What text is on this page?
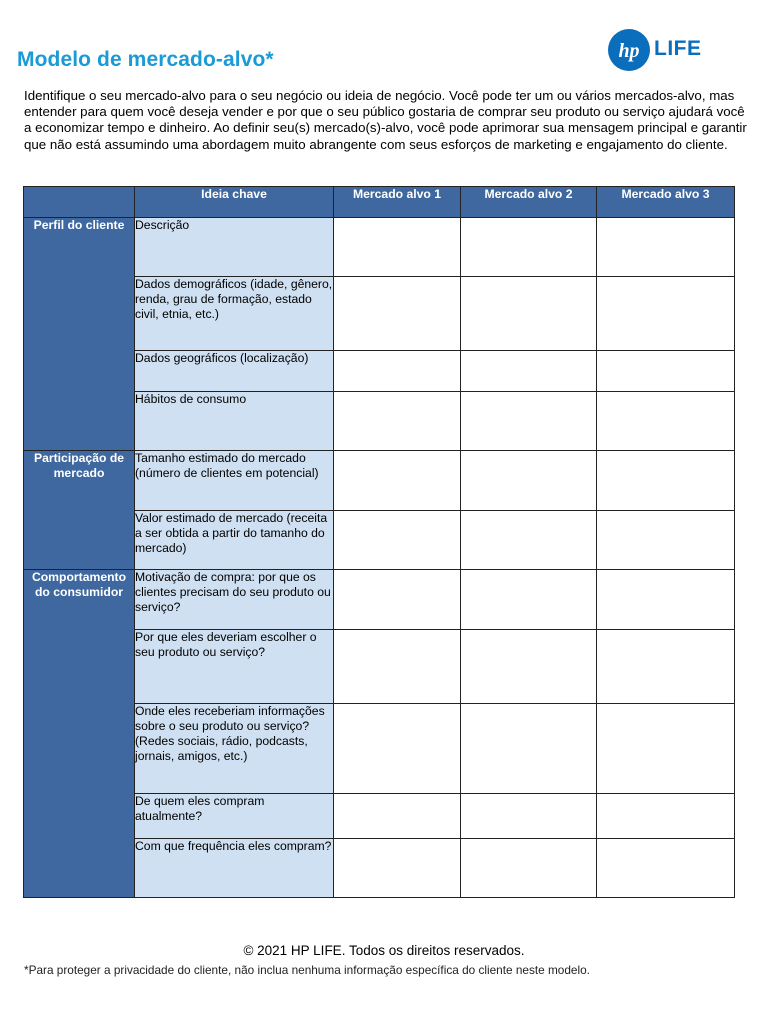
Modelo de mercado-alvo*	hp LIFE
Identifique o seu mercado-alvo para o seu negócio ou ideia de negócio. Você pode ter um ou vários mercados-alvo, mas entender para quem você deseja vender e por que o seu público gostaria de comprar seu produto ou serviço ajudará você a economizar tempo e dinheiro. Ao definir seu(s) mercado(s)-alvo, você pode aprimorar sua mensagem principal e garantir que não está assumindo uma abordagem muito abrangente com seus esforços de marketing e engajamento do cliente.
	Ideia chave	Mercado alvo 1	Mercado alvo 2	Mercado alvo 3
Perfil do cliente	Descrição			
	Dados demográficos (idade, gênero, renda, grau de formação, estado civil, etnia, etc.)			
	Dados geográficos (localização)			
	Hábitos de consumo			
Participação de mercado	Tamanho estimado do mercado (número de clientes em potencial)			
	Valor estimado de mercado (receita a ser obtida a partir do tamanho do mercado)			
Comportamento do consumidor	Motivação de compra: por que os clientes precisam do seu produto ou serviço?			
	Por que eles deveriam escolher o seu produto ou serviço?			
	Onde eles receberiam informações sobre o seu produto ou serviço? (Redes sociais, rádio, podcasts, jornais, amigos, etc.)			
	De quem eles compram atualmente?			
	Com que frequência eles compram?			
© 2021 HP LIFE. Todos os direitos reservados.
*Para proteger a privacidade do cliente, não inclua nenhuma informação específica do cliente neste modelo.
